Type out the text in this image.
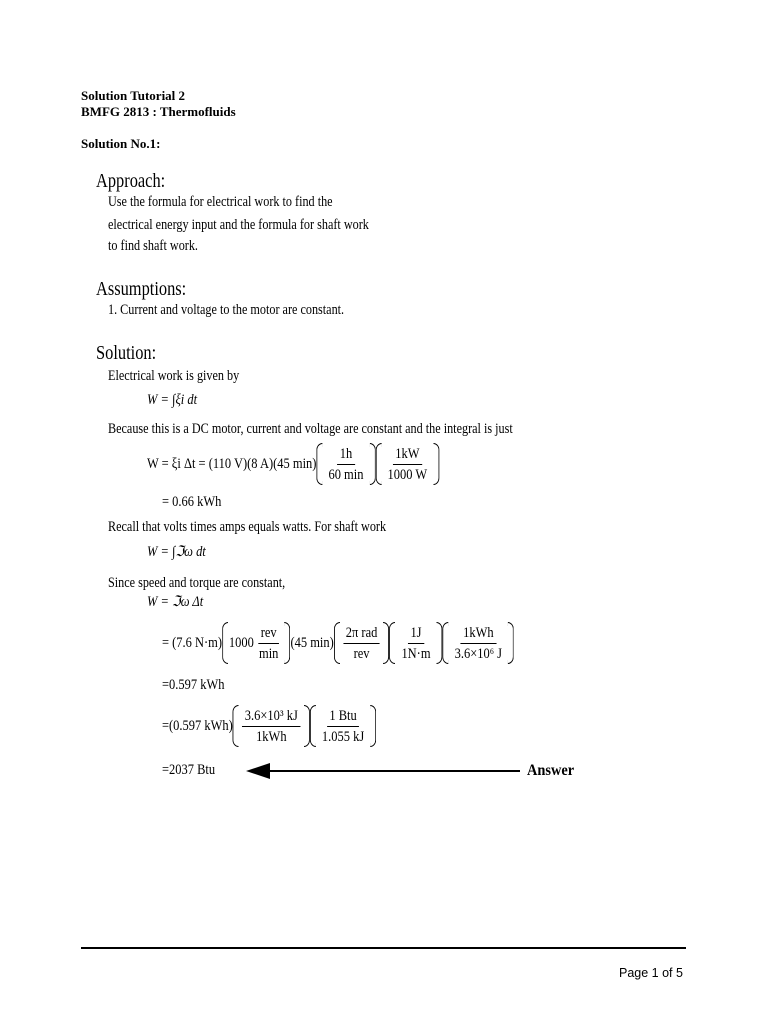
Solution Tutorial 2
BMFG 2813 : Thermofluids
Solution No.1:
Approach:
Use the formula for electrical work to find the
electrical energy input and the formula for shaft work
to find shaft work.
Assumptions:
1. Current and voltage to the motor are constant.
Solution:
Electrical work is given by
W = ∫ξi dt
Because this is a DC motor, current and voltage are constant and the integral is just
W = ξi Δt = (110 V)(8 A)(45 $\min) \frac{1h}{60 \min} \frac{1kW}{1000 W}$
= 0.66 kWh
Recall that volts times amps equals watts. For shaft work
W = ∫ℑω dt
Since speed and torque are constant,
W = ℑω Δt
= (7.6 N·m) $1000 \frac{\text{rev}}{\min} (45$ $\min) \frac{\text{2π rad}}{\text{rev}} \frac{1J}{1N\cdot m} \frac{\text{1kWh}}{\text{3.6×10⁶ J}}$
=0.597 kWh
=(0.597 $kWh) \frac{\text{3.6×10³ kJ}}{\text{1kWh}} \frac{\text{1 Btu}}{1.055 kJ}$
=2037 Btu	Answer
Page 1 of 5
